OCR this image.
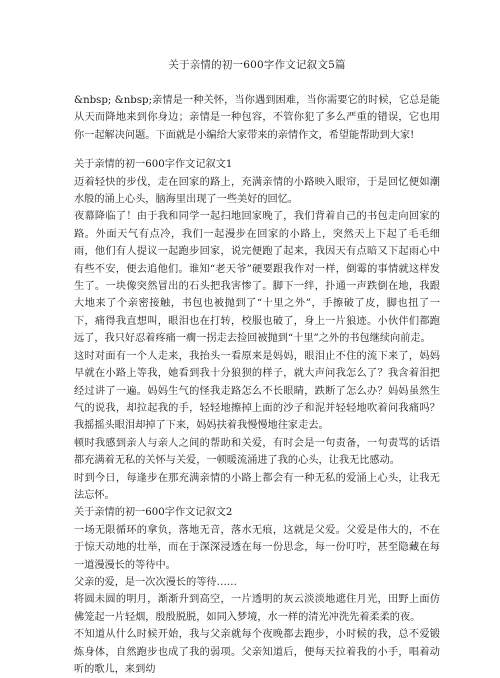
关于亲情的初一600字作文记叙文5篇
&nbsp; &nbsp;亲情是一种关怀，当你遇到困难，当你需要它的时候，它总是能从天而降地来到你身边；亲情是一种包容，不管你犯了多么严重的错误，它也用你一起解决问题。下面就是小编给大家带来的亲情作文，希望能帮助到大家!
关于亲情的初一600字作文记叙文1
迈着轻快的步伐，走在回家的路上，充满亲情的小路映入眼帘，于是回忆便如潮水般的涌上心头，脑海里出现了一些美好的回忆。
夜幕降临了！由于我和同学一起扫地回家晚了，我们背着自己的书包走向回家的路。外面天气有点冷，我们一起漫步在回家的小路上，突然天上下起了毛毛细雨，他们有人提议一起跑步回家，说完便跑了起来，我因天有点暗又下起雨心中有些不安，便去追他们。谁知“老天爷”硬要跟我作对一样，倒霉的事情就这样发生了。一块像突然冒出的石头把我害惨了。脚下一绊，扑通一声跌倒在地，我跟大地来了个亲密接触，书包也被抛到了“十里之外”，手擦破了皮，脚也扭了一下，痛得我直想叫，眼泪也在打转，校服也破了，身上一片狼迹。小伙伴们都跑远了，我只好忍着疼痛一瘸一拐走去捡回被抛到“十里”之外的书包继续向前走。
这时对面有一个人走来，我抬头一看原来是妈妈，眼泪止不住的流下来了，妈妈早就在小路上等我，她看到我十分狼狈的样子，就大声问我怎么了？我含着泪把经过讲了一遍。妈妈生气的怪我走路怎么不长眼睛，跌断了怎么办？妈妈虽然生气的说我，却拉起我的手，轻轻地擦掉上面的沙子和泥并轻轻地吹着问我痛吗？我摇摇头眼泪却掉了下来，妈妈扶着我慢慢地往家走去。
顿时我感到亲人与亲人之间的帮助和关爱，有时会是一句责备，一句责骂的话语都充满着无私的关怀与关爱，一顿暖流涌进了我的心头，让我无比感动。
时到今日，每逢步在那充满亲情的小路上都会有一种无私的爱涌上心头，让我无法忘怀。
关于亲情的初一600字作文记叙文2
一场无限循环的拿负，落地无音，落水无痕，这就是父爱。父爱是伟大的，不在于惊天动地的壮举，而在于深深浸透在每一份思念，每一份叮咛，甚至隐藏在每一道漫漫长的等待中。
父亲的爱，是一次次漫长的等待……
将圆未圆的明月，渐渐升到高空，一片透明的灰云淡淡地遮住月光，田野上面仿佛笼起一片轻烟，殷殷脱脱，如同入梦境，水一样的清光冲洗先着柔柔的夜。
不知道从什么时候开始，我与父亲就每个夜晚都去跑步，小时候的我，总不爱锻炼身体，自然跑步也成了我的弱项。父亲知道后，便每天拉着我的小手，唱着动听的歌儿，来到幼
